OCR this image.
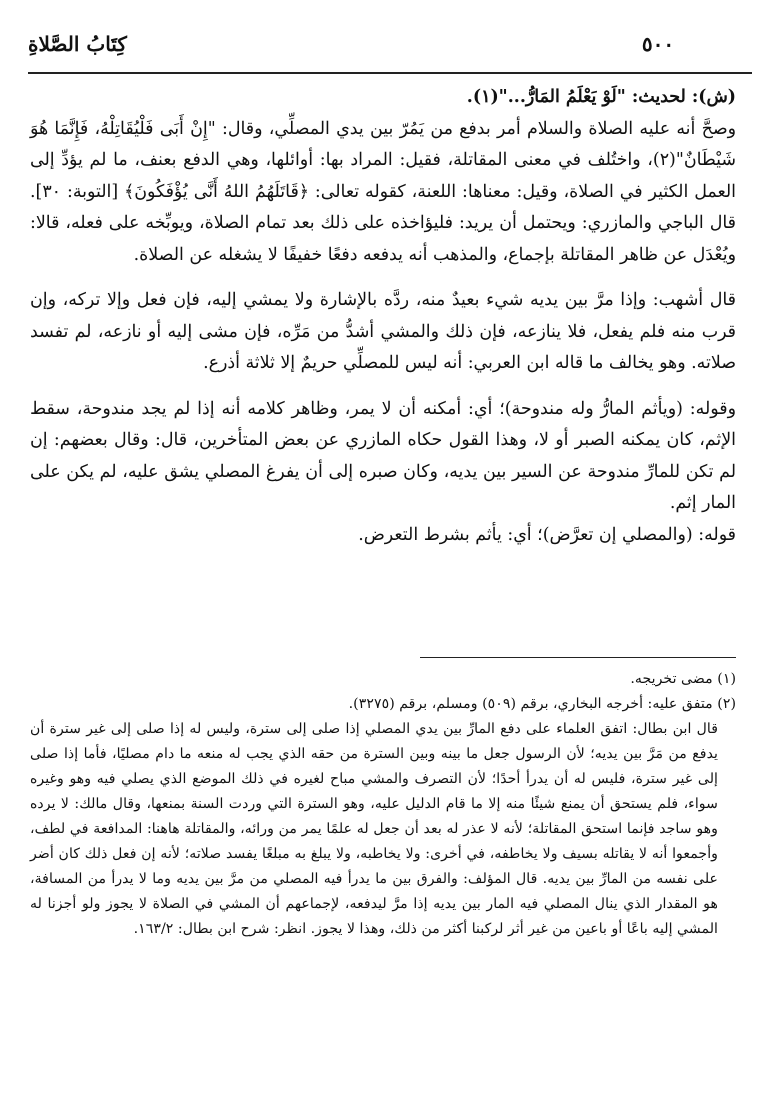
٥٠٠
كِتَابُ الصَّلاةِ

(ش): لحديث: "لَوْ يَعْلَمُ المَارُّ..."(١).

وصحَّ أنه عليه الصلاة والسلام أمر بدفع من يَمُرّ بين يدي المصلِّي، وقال: "إِنْ أَبَى فَلْيُقَاتِلْهُ، فَإِنَّمَا هُوَ شَيْطَانٌ"(٢)، واختُلف في معنى المقاتلة، فقيل: المراد بها: أوائلها، وهي الدفع بعنف، ما لم يؤدِّ إلى العمل الكثير في الصلاة، وقيل: معناها: اللعنة، كقوله تعالى: ﴿قَاتَلَهُمُ اللهُ أَنَّى يُؤْفَكُونَ﴾ [التوبة: ٣٠]. قال الباجي والمازري: ويحتمل أن يريد: فليؤاخذه على ذلك بعد تمام الصلاة، ويوبِّخه على فعله، قالا: ويُعْدَل عن ظاهر المقاتلة بإجماع، والمذهب أنه يدفعه دفعًا خفيفًا لا يشغله عن الصلاة.

قال أشهب: وإذا مرَّ بين يديه شيء بعيدٌ منه، ردَّه بالإشارة ولا يمشي إليه، فإن فعل وإلا تركه، وإن قرب منه فلم يفعل، فلا ينازعه، فإن ذلك والمشي أشدُّ من مَرِّه، فإن مشى إليه أو نازعه، لم تفسد صلاته. وهو يخالف ما قاله ابن العربي: أنه ليس للمصلِّي حريمٌ إلا ثلاثة أذرع.

وقوله: (ويأثم المارُّ وله مندوحة)؛ أي: أمكنه أن لا يمر، وظاهر كلامه أنه إذا لم يجد مندوحة، سقط الإثم، كان يمكنه الصبر أو لا، وهذا القول حكاه المازري عن بعض المتأخرين، قال: وقال بعضهم: إن لم تكن للمارِّ مندوحة عن السير بين يديه، وكان صبره إلى أن يفرغ المصلي يشق عليه، لم يكن على المار إثم.

قوله: (والمصلي إن تعرَّض)؛ أي: يأثم بشرط التعرض.

(١) مضى تخريجه.

(٢) متفق عليه: أخرجه البخاري، برقم (٥٠٩) ومسلم، برقم (٣٢٧٥).

قال ابن بطال: اتفق العلماء على دفع المارِّ بين يدي المصلي إذا صلى إلى سترة، وليس له إذا صلى إلى غير سترة أن يدفع من مَرَّ بين يديه؛ لأن الرسول جعل ما بينه وبين السترة من حقه الذي يجب له منعه ما دام مصليًا، فأما إذا صلى إلى غير سترة، فليس له أن يدرأ أحدًا؛ لأن التصرف والمشي مباح لغيره في ذلك الموضع الذي يصلي فيه وهو وغيره سواء، فلم يستحق أن يمنع شيئًا منه إلا ما قام الدليل عليه، وهو السترة التي وردت السنة بمنعها، وقال مالك: لا يرده وهو ساجد فإنما استحق المقاتلة؛ لأنه لا عذر له بعد أن جعل له علمًا يمر من ورائه، والمقاتلة هاهنا: المدافعة في لطف، وأجمعوا أنه لا يقاتله بسيف ولا يخاطفه، في أخرى: ولا يخاطبه، ولا يبلغ به مبلغًا يفسد صلاته؛ لأنه إن فعل ذلك كان أضر على نفسه من المارِّ بين يديه. قال المؤلف: والفرق بين ما يدرأ فيه المصلي من مرَّ بين يديه وما لا يدرأ من المسافة، هو المقدار الذي ينال المصلي فيه المار بين يديه إذا مرَّ ليدفعه، لإجماعهم أن المشي في الصلاة لا يجوز ولو أجزنا له المشي إليه باعًا أو باعين من غير أثر لركبنا أكثر من ذلك، وهذا لا يجوز. انظر: شرح ابن بطال: ١٦٣/٢.
